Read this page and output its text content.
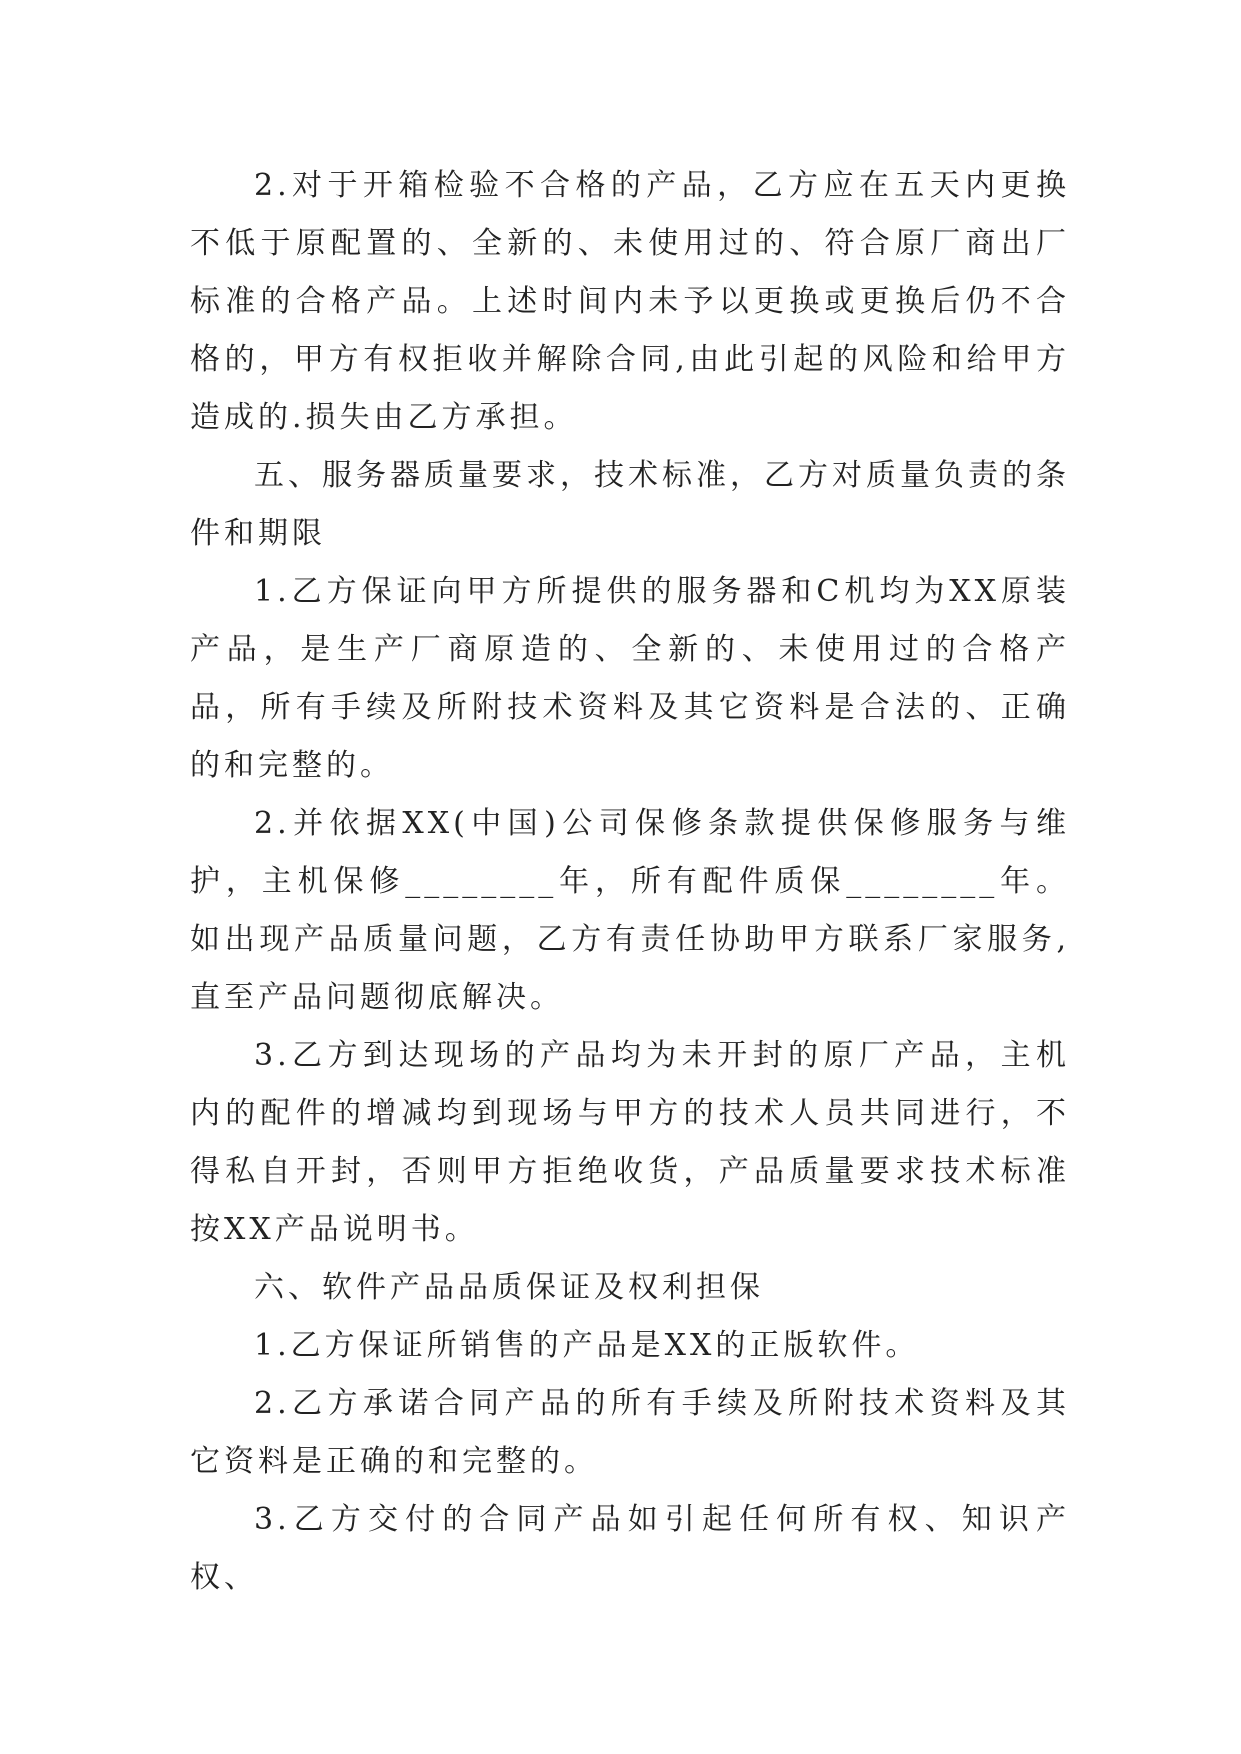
2.对于开箱检验不合格的产品，乙方应在五天内更换不低于原配置的、全新的、未使用过的、符合原厂商出厂标准的合格产品。上述时间内未予以更换或更换后仍不合格的，甲方有权拒收并解除合同,由此引起的风险和给甲方造成的.损失由乙方承担。

五、服务器质量要求，技术标准，乙方对质量负责的条件和期限

1.乙方保证向甲方所提供的服务器和C机均为XX原装产品，是生产厂商原造的、全新的、未使用过的合格产品，所有手续及所附技术资料及其它资料是合法的、正确的和完整的。

2.并依据XX(中国)公司保修条款提供保修服务与维护，主机保修________年，所有配件质保________年。如出现产品质量问题，乙方有责任协助甲方联系厂家服务,直至产品问题彻底解决。

3.乙方到达现场的产品均为未开封的原厂产品，主机内的配件的增减均到现场与甲方的技术人员共同进行，不得私自开封，否则甲方拒绝收货，产品质量要求技术标准按XX产品说明书。

六、软件产品品质保证及权利担保

1.乙方保证所销售的产品是XX的正版软件。

2.乙方承诺合同产品的所有手续及所附技术资料及其它资料是正确的和完整的。

3.乙方交付的合同产品如引起任何所有权、知识产权、
